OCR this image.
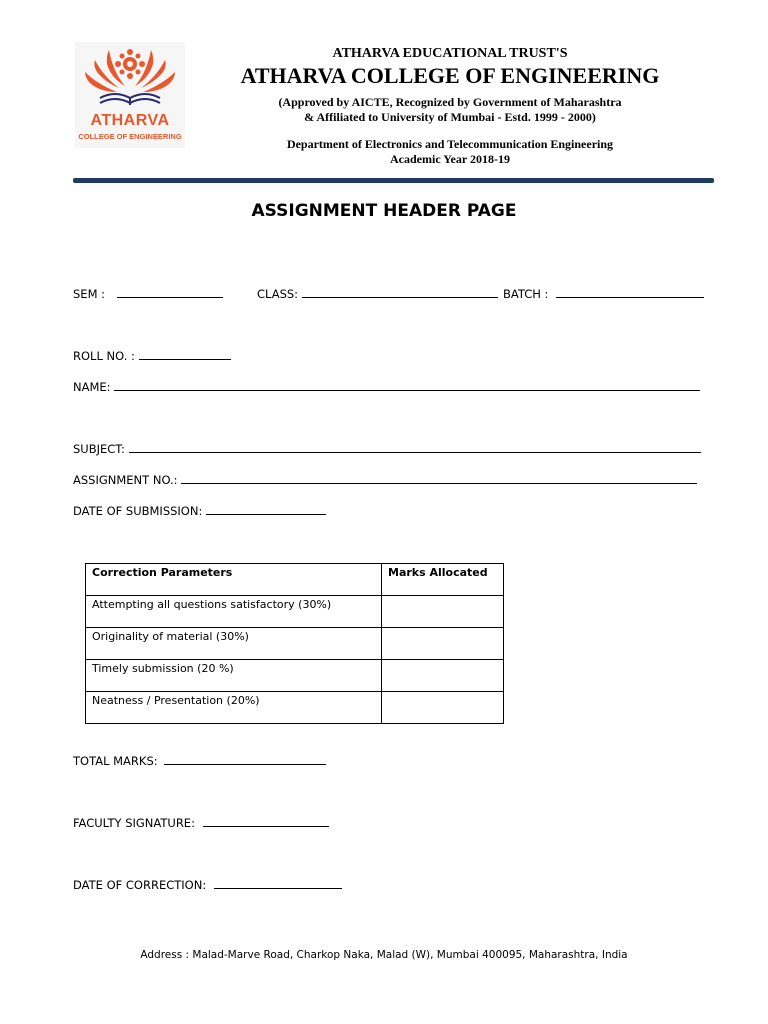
ATHARVA
COLLEGE OF ENGINEERING
ATHARVA EDUCATIONAL TRUST'S
ATHARVA COLLEGE OF ENGINEERING
(Approved by AICTE, Recognized by Government of Maharashtra
& Affiliated to University of Mumbai - Estd. 1999 - 2000)
Department of Electronics and Telecommunication Engineering
Academic Year 2018-19
ASSIGNMENT HEADER PAGE
SEM :	CLASS:	BATCH :
ROLL NO. :
NAME:
SUBJECT:
ASSIGNMENT NO.:
DATE OF SUBMISSION:
Correction Parameters	Marks Allocated
Attempting all questions satisfactory (30%)	
Originality of material (30%)	
Timely submission (20 %)	
Neatness / Presentation (20%)	
TOTAL MARKS:
FACULTY SIGNATURE:
DATE OF CORRECTION:
Address : Malad-Marve Road, Charkop Naka, Malad (W), Mumbai 400095, Maharashtra, India
